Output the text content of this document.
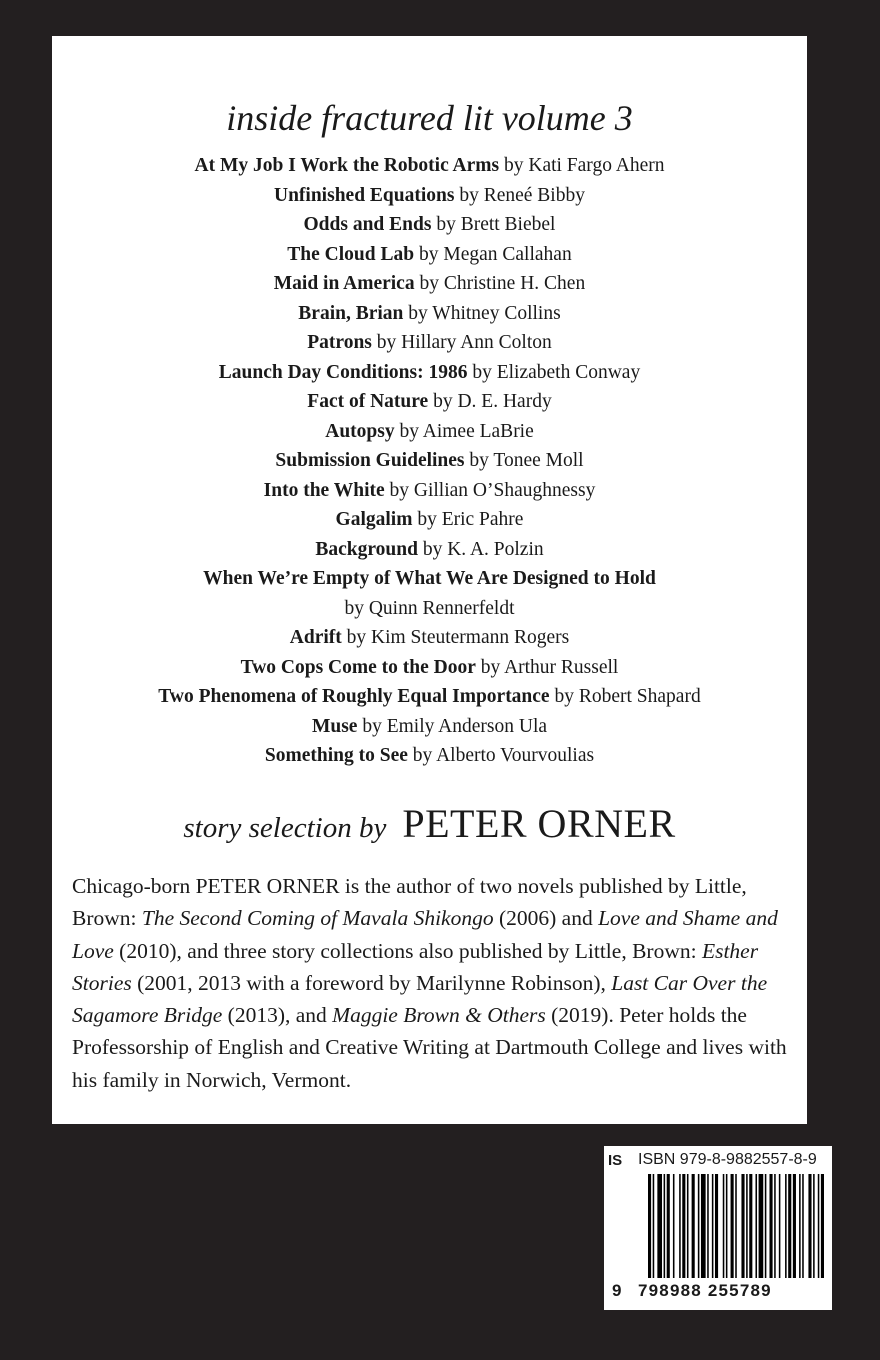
inside fractured lit volume 3
At My Job I Work the Robotic Arms by Kati Fargo Ahern
Unfinished Equations by Reneé Bibby
Odds and Ends by Brett Biebel
The Cloud Lab by Megan Callahan
Maid in America by Christine H. Chen
Brain, Brian by Whitney Collins
Patrons by Hillary Ann Colton
Launch Day Conditions: 1986 by Elizabeth Conway
Fact of Nature by D. E. Hardy
Autopsy by Aimee LaBrie
Submission Guidelines by Tonee Moll
Into the White by Gillian O’Shaughnessy
Galgalim by Eric Pahre
Background by K. A. Polzin
When We’re Empty of What We Are Designed to Hold
by Quinn Rennerfeldt
Adrift by Kim Steutermann Rogers
Two Cops Come to the Door by Arthur Russell
Two Phenomena of Roughly Equal Importance by Robert Shapard
Muse by Emily Anderson Ula
Something to See by Alberto Vourvoulias
story selection by PETER ORNER

Chicago-born PETER ORNER is the author of two novels published by Little, Brown: The Second Coming of Mavala Shikongo (2006) and Love and Shame and Love (2010), and three story collections also published by Little, Brown: Esther Stories (2001, 2013 with a foreword by Marilynne Robinson), Last Car Over the Sagamore Bridge (2013), and Maggie Brown & Others (2019). Peter holds the Professorship of English and Creative Writing at Dartmouth College and lives with his family in Norwich, Vermont.

IS ISBN 979-8-9882557-8-9
9 798988 255789
